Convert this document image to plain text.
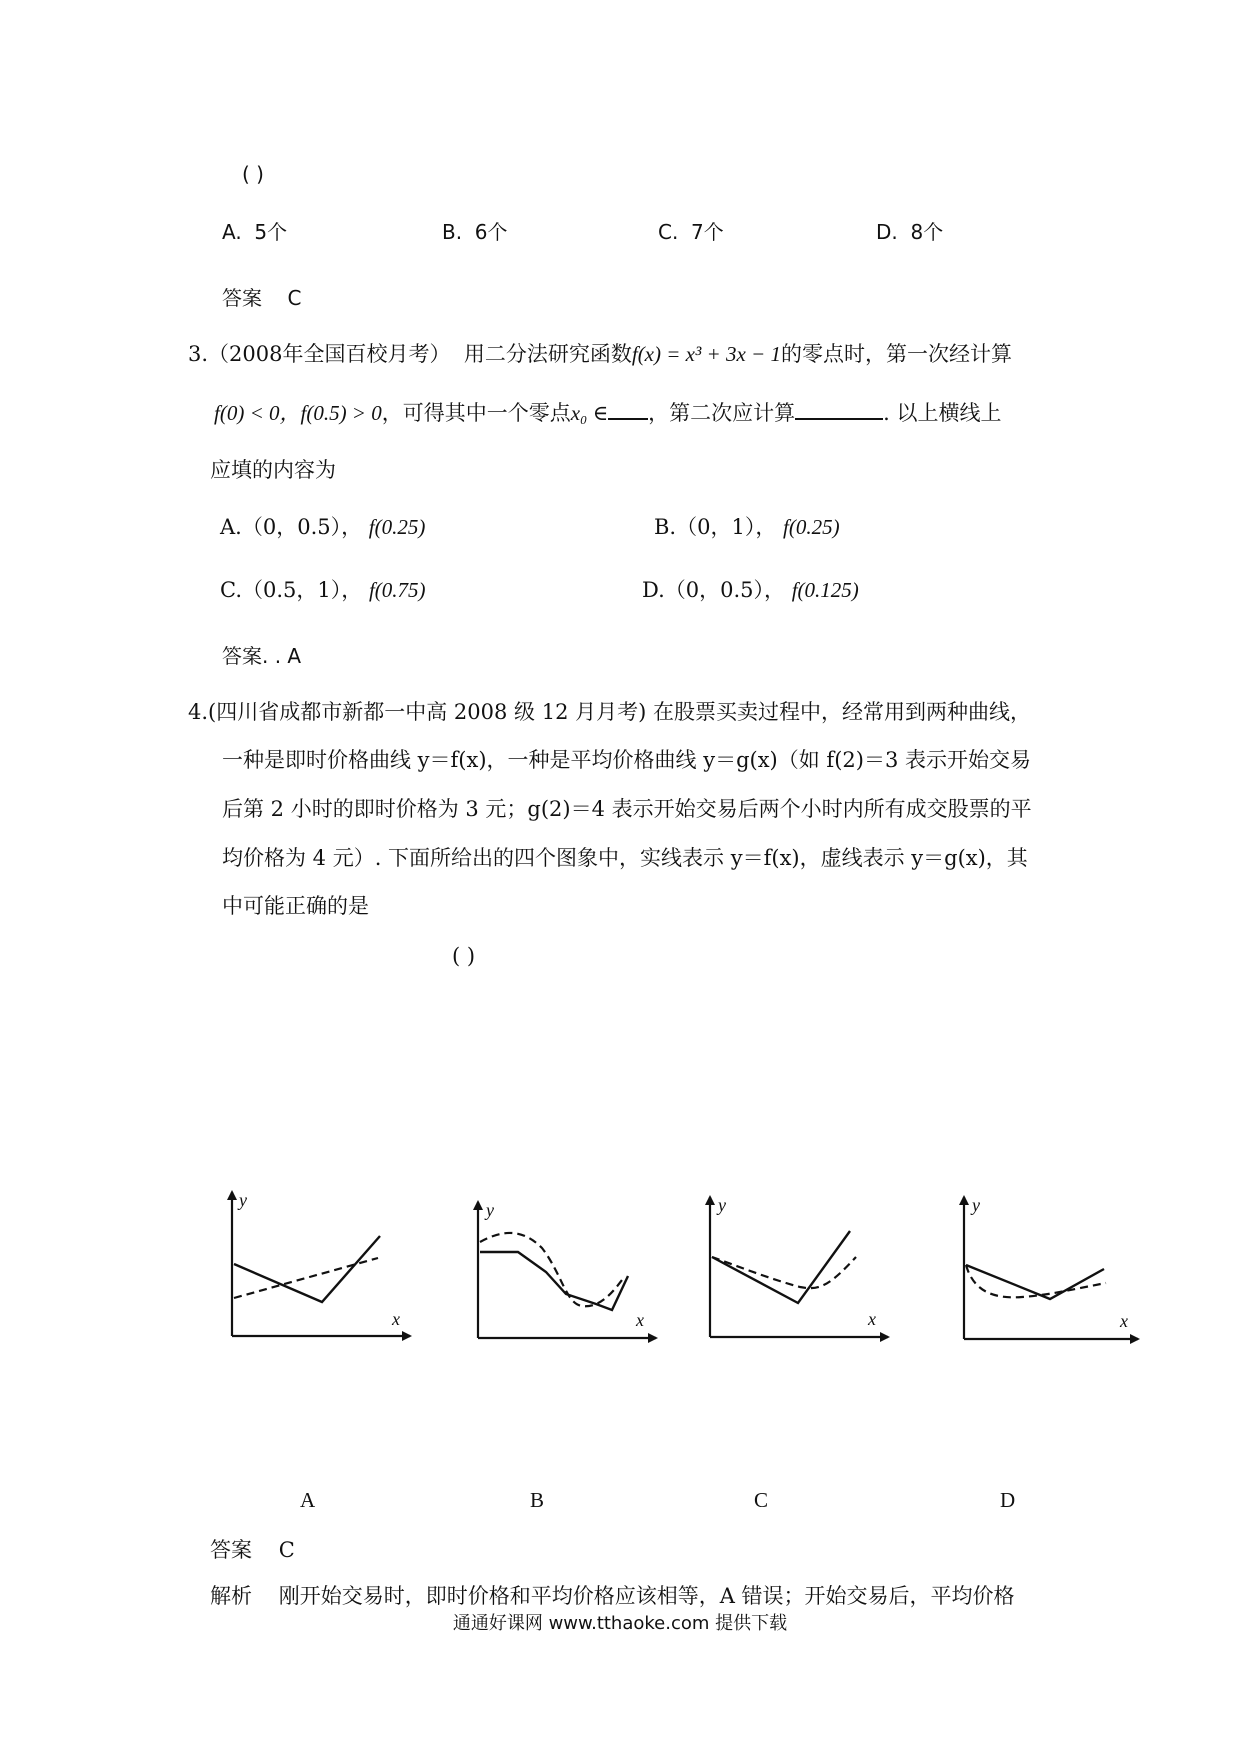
( )
A. 5个	B. 6个	C. 7个	D. 8个
答案 C
3.（2008年全国百校月考） 用二分法研究函数f(x) = x³ + 3x − 1的零点时，第一次经计算
f(0) < 0，f(0.5) > 0，可得其中一个零点x₀ ∈ ，第二次应计算	. 以上横线上
应填的内容为
A.（0，0.5）， f(0.25)	B.（0，1）， f(0.25)
C.（0.5，1）， f(0.75)	D.（0，0.5）， f(0.125)
答案. . A
4.(四川省成都市新都一中高 2008 级 12 月月考) 在股票买卖过程中，经常用到两种曲线，
一种是即时价格曲线 y＝f(x)，一种是平均价格曲线 y＝g(x)（如 f(2)＝3 表示开始交易
后第 2 小时的即时价格为 3 元；g(2)＝4 表示开始交易后两个小时内所有成交股票的平
均价格为 4 元）. 下面所给出的四个图象中，实线表示 y＝f(x)，虚线表示 y＝g(x)，其
中可能正确的是
( )
y
x
A
y
x
B
y
x
C
y
x
D
答案 C
解析 刚开始交易时，即时价格和平均价格应该相等，A 错误；开始交易后，平均价格
通通好课网 www.tthaoke.com 提供下载
